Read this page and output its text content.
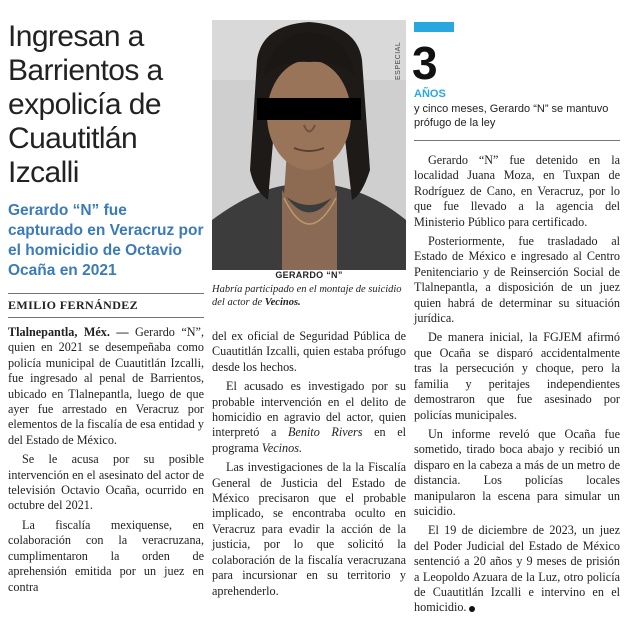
Ingresan a Barrientos a expolicía de Cuautitlán Izcalli
Gerardo “N” fue capturado en Veracruz por el homicidio de Octavio Ocaña en 2021
EMILIO FERNÁNDEZ

Tlalnepantla, Méx. — Gerardo “N”, quien en 2021 se desempeñaba como policía municipal de Cuautitlán Izcalli, fue ingresado al penal de Barrientos, ubicado en Tlalnepantla, luego de que ayer fue arrestado en Veracruz por elementos de la fiscalía de esa entidad y del Estado de México.

Se le acusa por su posible intervención en el asesinato del actor de televisión Octavio Ocaña, ocurrido en octubre del 2021.

La fiscalía mexiquense, en colaboración con la veracruzana, cumplimentaron la orden de aprehensión emitida por un juez en contra

GERARDO “N”
Habría participado en el montaje de suicidio del actor de Vecinos.

del ex oficial de Seguridad Pública de Cuautitlán Izcalli, quien estaba prófugo desde los hechos.

El acusado es investigado por su probable intervención en el delito de homicidio en agravio del actor, quien interpretó a Benito Rivers en el programa Vecinos.

Las investigaciones de la la Fiscalía General de Justicia del Estado de México precisaron que el probable implicado, se encontraba oculto en Veracruz para evadir la acción de la justicia, por lo que solicitó la colaboración de la fiscalía veracruzana para incursionar en su territorio y aprehenderlo.

ESPECIAL 3
AÑOS
y cinco meses, Gerardo “N” se mantuvo prófugo de la ley

Gerardo “N” fue detenido en la localidad Juana Moza, en Tuxpan de Rodríguez de Cano, en Veracruz, por lo que fue llevado a la agencia del Ministerio Público para certificado.

Posteriormente, fue trasladado al Estado de México e ingresado al Centro Penitenciario y de Reinserción Social de Tlalnepantla, a disposición de un juez quien habrá de determinar su situación jurídica.

De manera inicial, la FGJEM afirmó que Ocaña se disparó accidentalmente tras la persecución y choque, pero la familia y peritajes independientes demostraron que fue asesinado por policías municipales.

Un informe reveló que Ocaña fue sometido, tirado boca abajo y recibió un disparo en la cabeza a más de un metro de distancia. Los policías locales manipularon la escena para simular un suicidio.

El 19 de diciembre de 2023, un juez del Poder Judicial del Estado de México sentenció a 20 años y 9 meses de prisión a Leopoldo Azuara de la Luz, otro policía de Cuautitlán Izcalli e intervino en el homicidio.
